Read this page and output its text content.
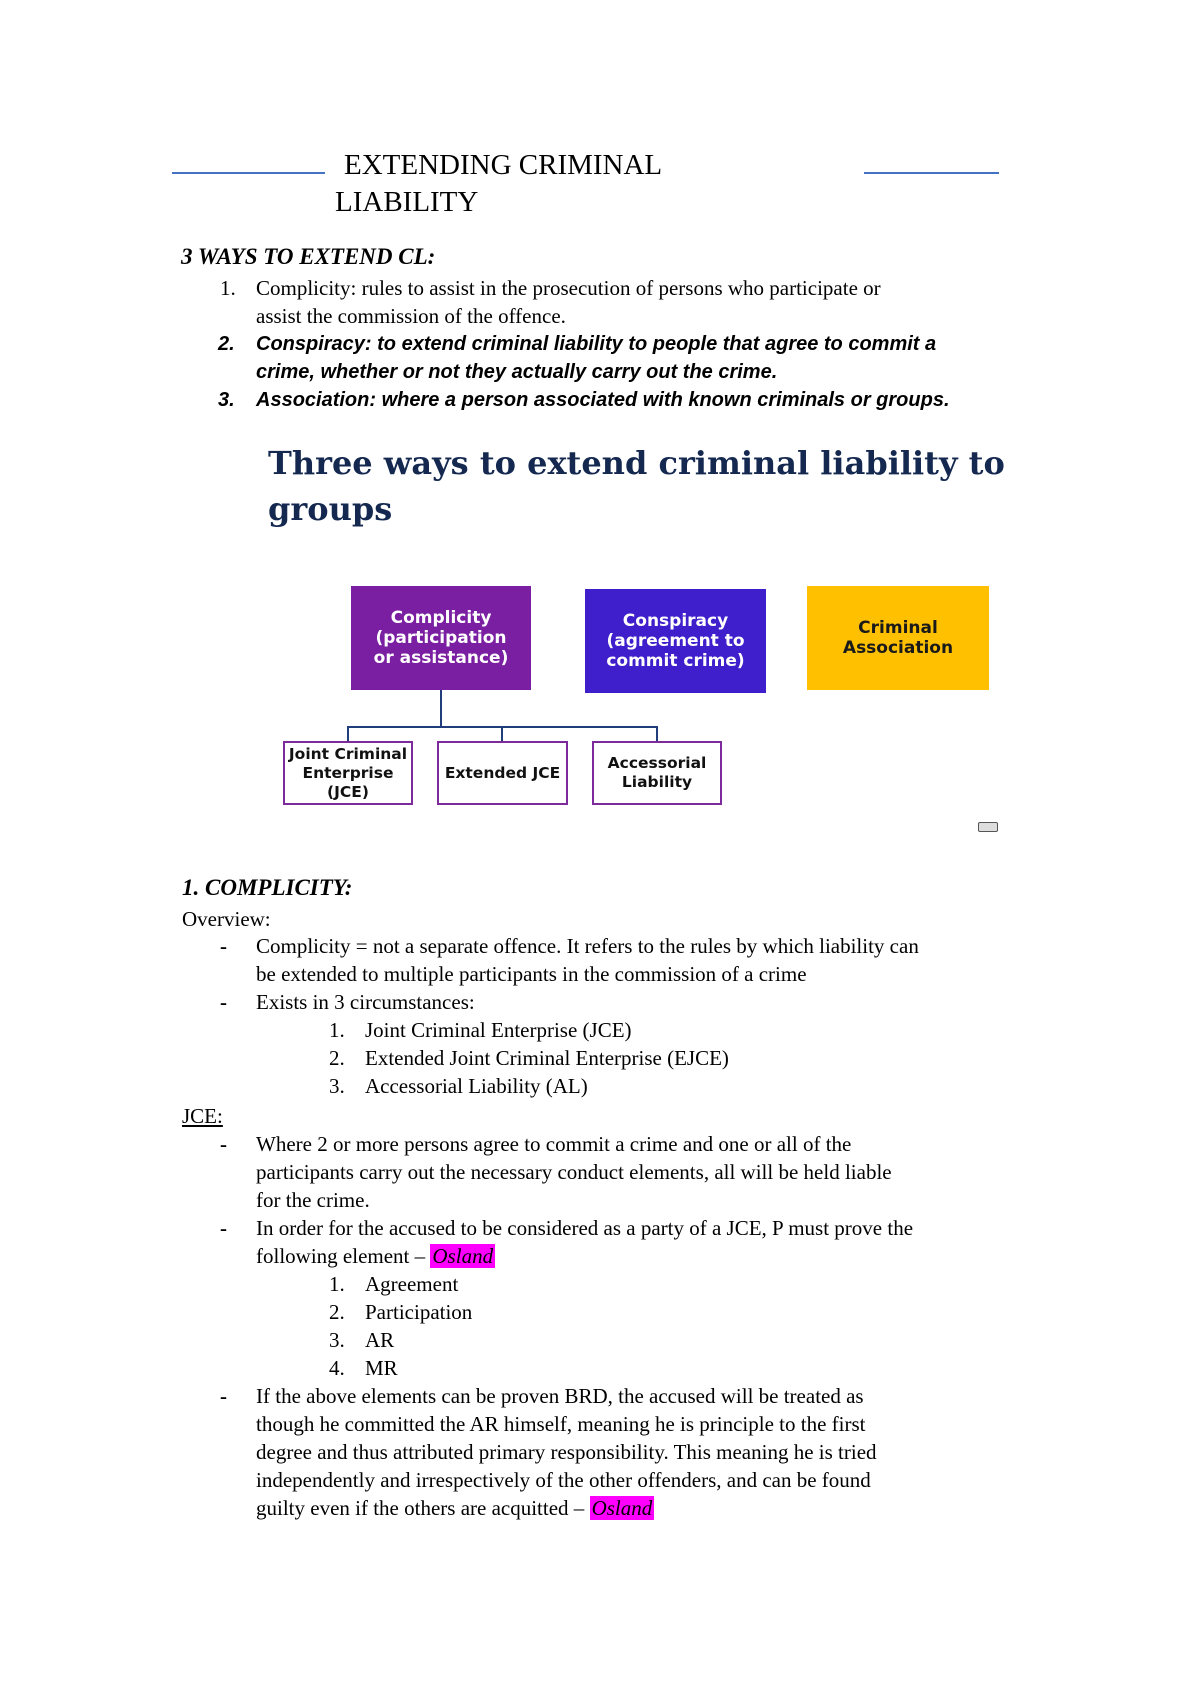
EXTENDING CRIMINAL
LIABILITY
3 WAYS TO EXTEND CL:
1. Complicity: rules to assist in the prosecution of persons who participate or
assist the commission of the offence.
2. Conspiracy: to extend criminal liability to people that agree to commit a
crime, whether or not they actually carry out the crime.
3. Association: where a person associated with known criminals or groups.
Three ways to extend criminal liability to
groups
Complicity (participation or assistance)
Conspiracy (agreement to commit crime)
Criminal Association
Joint Criminal Enterprise (JCE)
Extended JCE
Accessorial Liability
1. COMPLICITY:
Overview:
- Complicity = not a separate offence. It refers to the rules by which liability can
be extended to multiple participants in the commission of a crime
- Exists in 3 circumstances:
1. Joint Criminal Enterprise (JCE)
2. Extended Joint Criminal Enterprise (EJCE)
3. Accessorial Liability (AL)
JCE:
- Where 2 or more persons agree to commit a crime and one or all of the
participants carry out the necessary conduct elements, all will be held liable
for the crime.
- In order for the accused to be considered as a party of a JCE, P must prove the
following element – Osland
1. Agreement
2. Participation
3. AR
4. MR
- If the above elements can be proven BRD, the accused will be treated as
though he committed the AR himself, meaning he is principle to the first
degree and thus attributed primary responsibility. This meaning he is tried
independently and irrespectively of the other offenders, and can be found
guilty even if the others are acquitted – Osland
